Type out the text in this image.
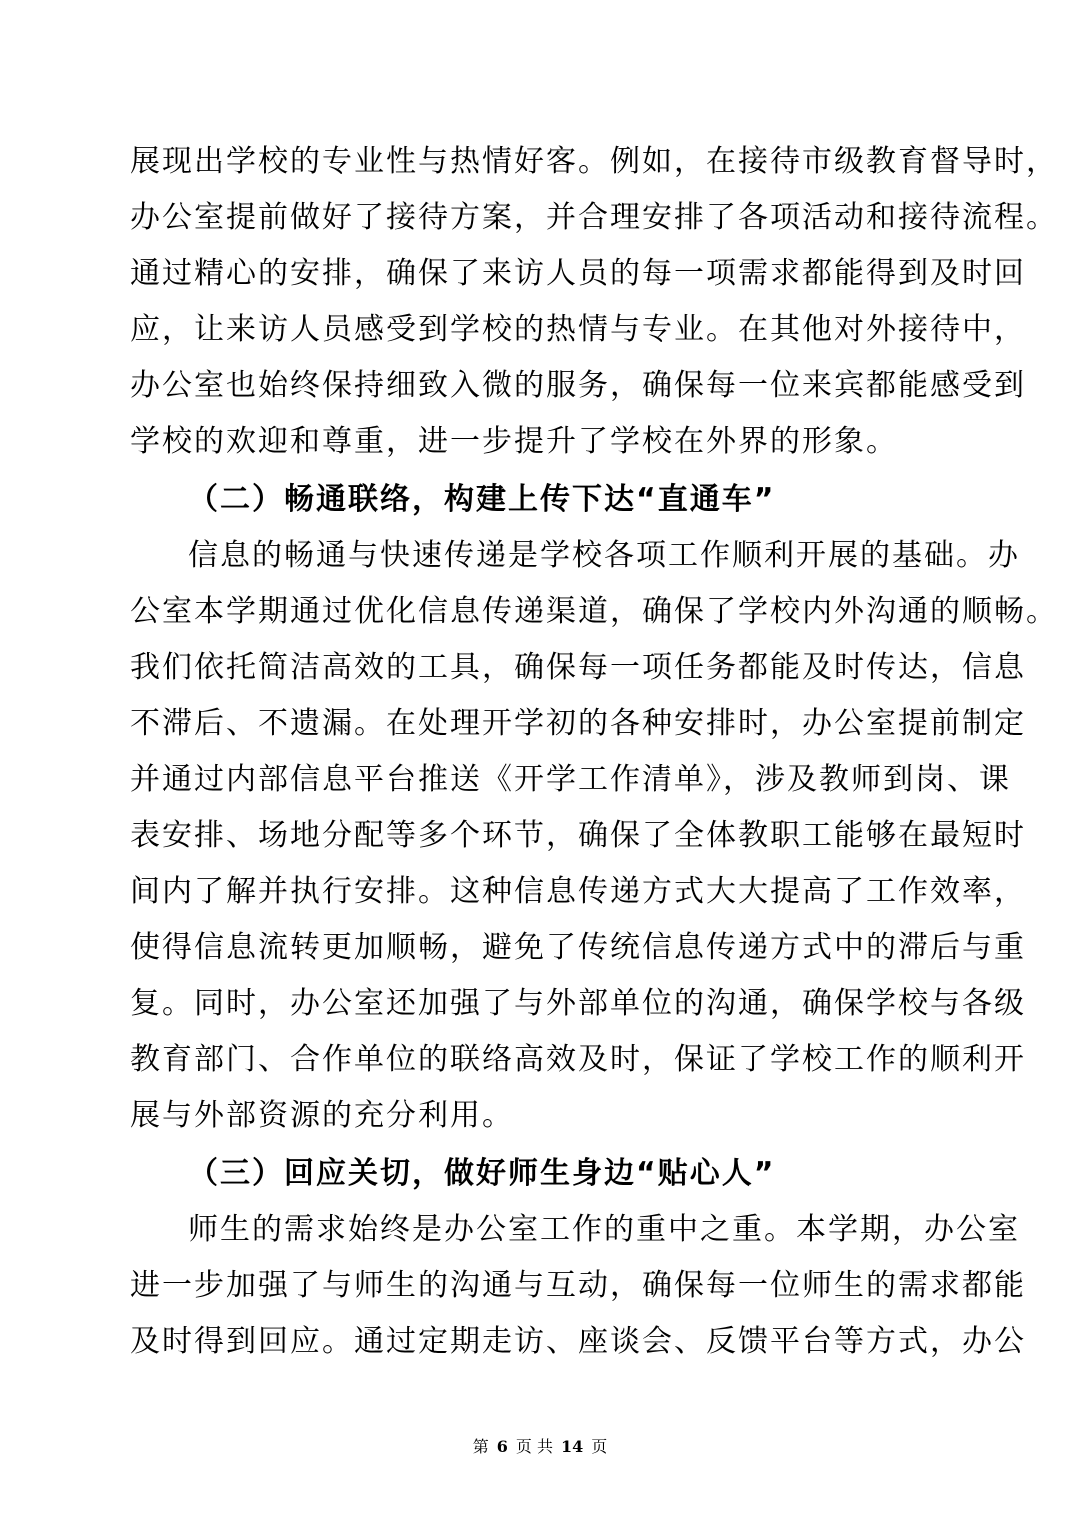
展现出学校的专业性与热情好客。例如，在接待市级教育督导时，
办公室提前做好了接待方案，并合理安排了各项活动和接待流程。
通过精心的安排，确保了来访人员的每一项需求都能得到及时回
应，让来访人员感受到学校的热情与专业。在其他对外接待中，
办公室也始终保持细致入微的服务，确保每一位来宾都能感受到
学校的欢迎和尊重，进一步提升了学校在外界的形象。
（二）畅通联络，构建上传下达“直通车”
信息的畅通与快速传递是学校各项工作顺利开展的基础。办
公室本学期通过优化信息传递渠道，确保了学校内外沟通的顺畅。
我们依托简洁高效的工具，确保每一项任务都能及时传达，信息
不滞后、不遗漏。在处理开学初的各种安排时，办公室提前制定
并通过内部信息平台推送《开学工作清单》，涉及教师到岗、课
表安排、场地分配等多个环节，确保了全体教职工能够在最短时
间内了解并执行安排。这种信息传递方式大大提高了工作效率，
使得信息流转更加顺畅，避免了传统信息传递方式中的滞后与重
复。同时，办公室还加强了与外部单位的沟通，确保学校与各级
教育部门、合作单位的联络高效及时，保证了学校工作的顺利开
展与外部资源的充分利用。
（三）回应关切，做好师生身边“贴心人”
师生的需求始终是办公室工作的重中之重。本学期，办公室
进一步加强了与师生的沟通与互动，确保每一位师生的需求都能
及时得到回应。通过定期走访、座谈会、反馈平台等方式，办公
第 6 页 共 14 页
